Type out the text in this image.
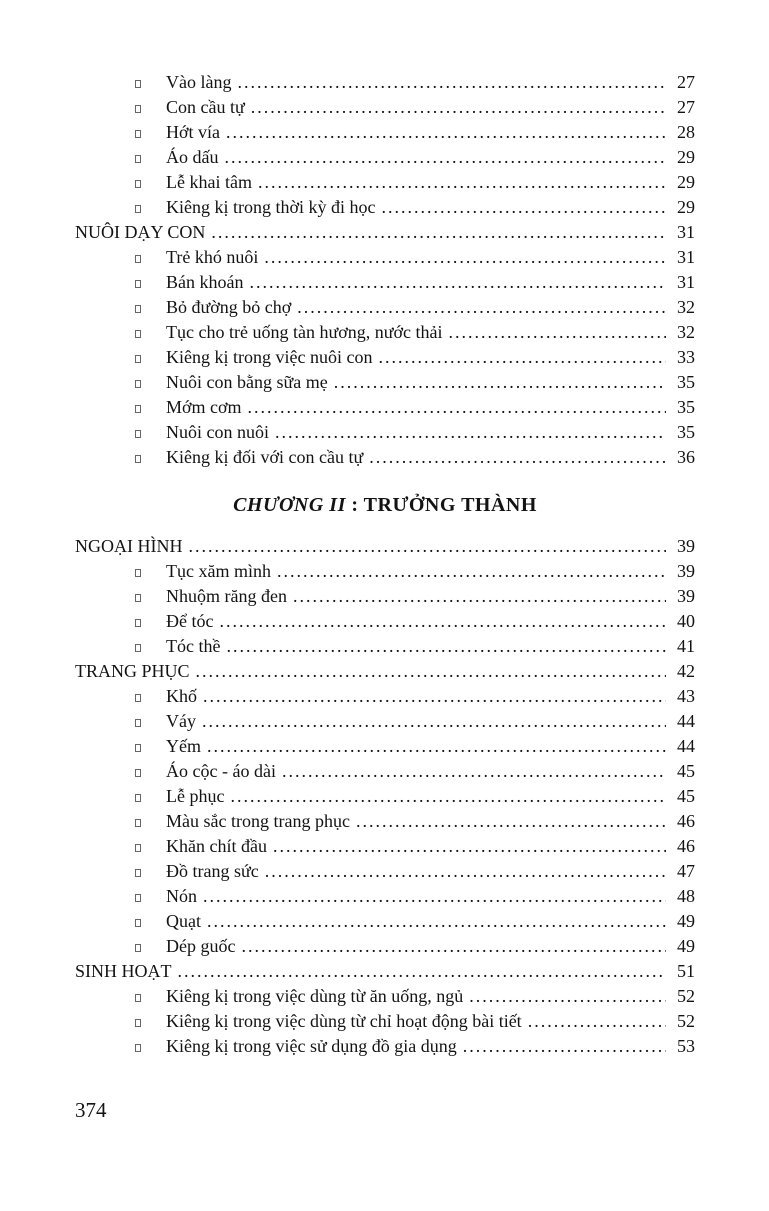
Vào làng .....	27
Con cầu tự .....	27
Hớt vía .....	28
Áo dấu .....	29
Lễ khai tâm .....	29
Kiêng kị trong thời kỳ đi học .....	29
NUÔI DẠY CON .....	31
Trẻ khó nuôi .....	31
Bán khoán .....	31
Bỏ đường bỏ chợ .....	32
Tục cho trẻ uống tàn hương, nước thải .....	32
Kiêng kị trong việc nuôi con .....	33
Nuôi con bằng sữa mẹ .....	35
Mớm cơm .....	35
Nuôi con nuôi .....	35
Kiêng kị đối với con cầu tự .....	36
CHƯƠNG II : TRƯỞNG THÀNH
NGOẠI HÌNH .....	39
Tục xăm mình .....	39
Nhuộm răng đen .....	39
Để tóc .....	40
Tóc thề .....	41
TRANG PHỤC .....	42
Khố .....	43
Váy .....	44
Yếm .....	44
Áo cộc - áo dài .....	45
Lễ phục .....	45
Màu sắc trong trang phục .....	46
Khăn chít đầu .....	46
Đồ trang sức .....	47
Nón .....	48
Quạt .....	49
Dép guốc .....	49
SINH HOẠT .....	51
Kiêng kị trong việc dùng từ ăn uống, ngủ .....	52
Kiêng kị trong việc dùng từ chỉ hoạt động bài tiết .....	52
Kiêng kị trong việc sử dụng đồ gia dụng .....	53
374
